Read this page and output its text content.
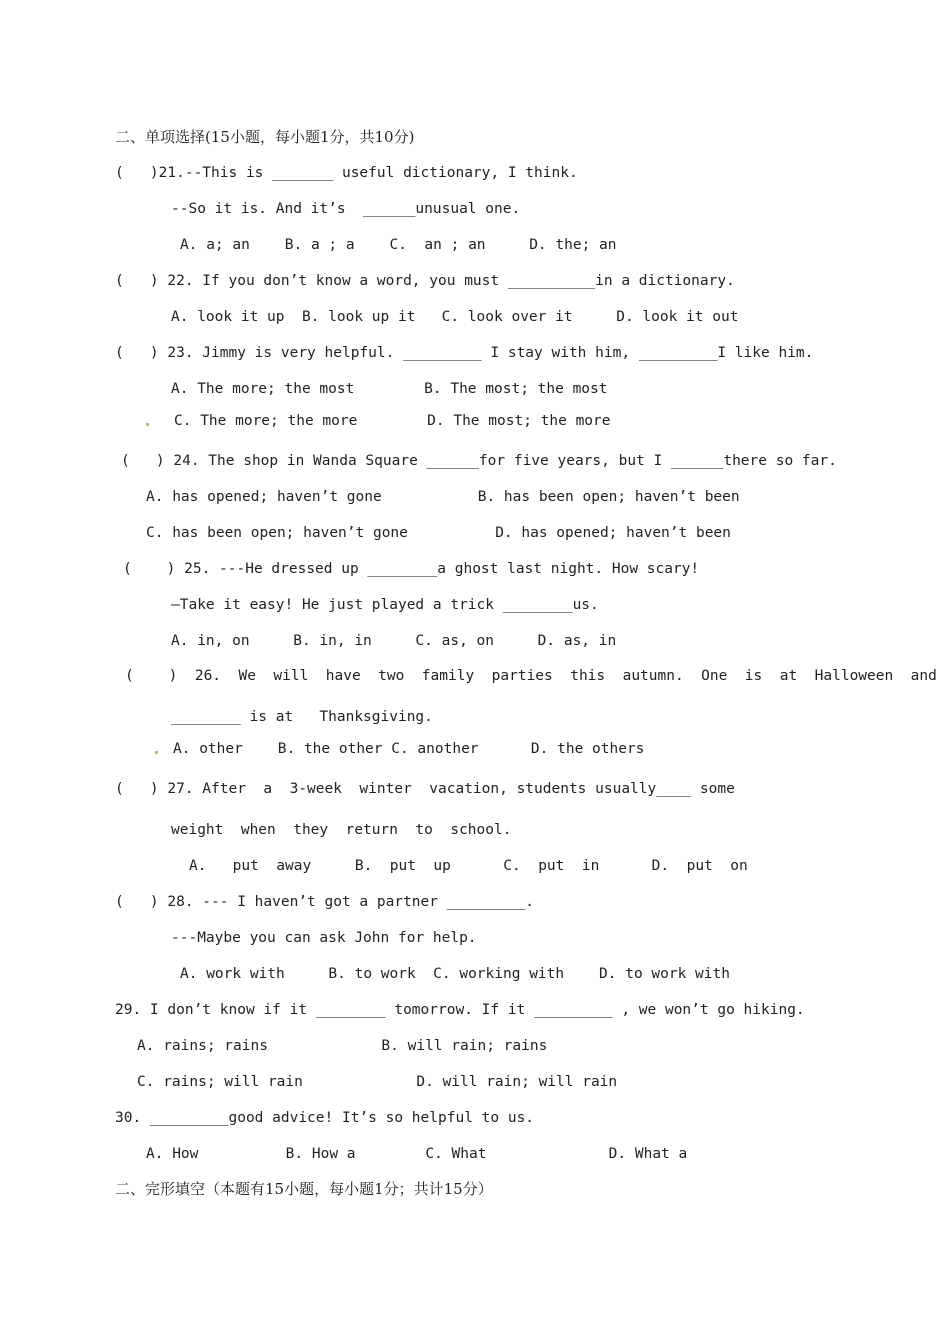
二、单项选择(15小题，每小题1分，共10分)
(   )21.--This is _______ useful dictionary, I think.
--So it is. And it’s  ______unusual one.
A. a; an    B. a ; a    C.  an ; an     D. the; an
(   ) 22. If you don’t know a word, you must __________in a dictionary.
A. look it up  B. look up it   C. look over it     D. look it out
(   ) 23. Jimmy is very helpful. _________ I stay with him, _________I like him.
A. The more; the most        B. The most; the most
C. The more; the more        D. The most; the more
(   ) 24. The shop in Wanda Square ______for five years, but I ______there so far.
A. has opened; haven’t gone           B. has been open; haven’t been
C. has been open; haven’t gone          D. has opened; haven’t been
(    ) 25. ---He dressed up ________a ghost last night. How scary!
—Take it easy! He just played a trick ________us.
A. in, on     B. in, in     C. as, on     D. as, in
(    )  26.  We  will  have  two  family  parties  this  autumn.  One  is  at  Halloween  and
________ is at   Thanksgiving.
A. other    B. the other C. another      D. the others
(   ) 27. After  a  3-week  winter  vacation, students usually____ some
weight  when  they  return  to  school.
A.   put  away     B.  put  up      C.  put  in      D.  put  on
(   ) 28. --- I haven’t got a partner _________.
---Maybe you can ask John for help.
A. work with     B. to work  C. working with    D. to work with
29. I don’t know if it ________ tomorrow. If it _________ , we won’t go hiking.
A. rains; rains             B. will rain; rains
C. rains; will rain             D. will rain; will rain
30. _________good advice! It’s so helpful to us.
A. How          B. How a        C. What              D. What a
二、完形填空（本题有15小题，每小题1分；共计15分）
